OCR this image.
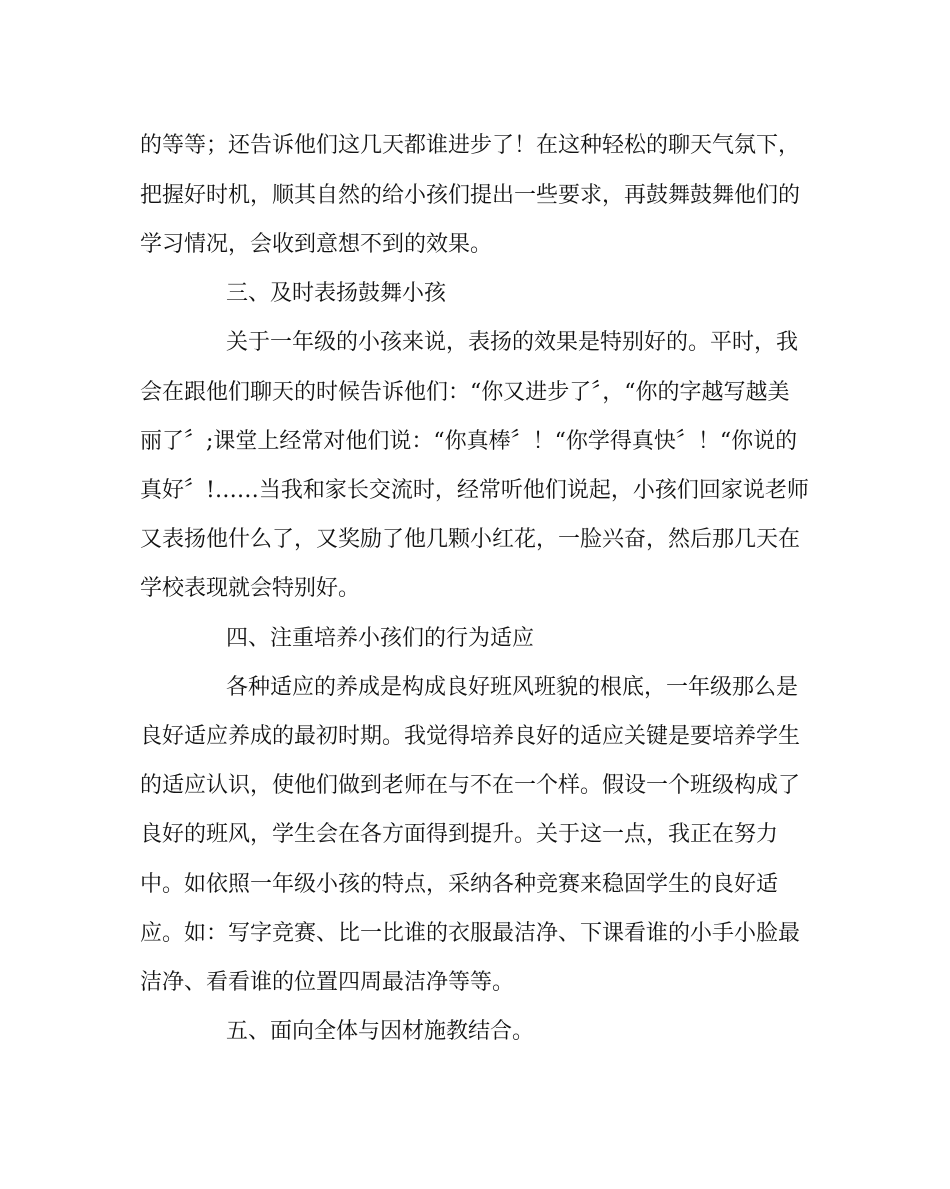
的等等；还告诉他们这几天都谁进步了！在这种轻松的聊天气氛下，
把握好时机，顺其自然的给小孩们提出一些要求，再鼓舞鼓舞他们的
学习情况，会收到意想不到的效果。
三、及时表扬鼓舞小孩
关于一年级的小孩来说，表扬的效果是特别好的。平时，我
会在跟他们聊天的时候告诉他们：“你又进步了〞，“你的字越写越美
丽了〞;课堂上经常对他们说：“你真棒〞！“你学得真快〞！“你说的
真好〞!……当我和家长交流时，经常听他们说起，小孩们回家说老师
又表扬他什么了，又奖励了他几颗小红花，一脸兴奋，然后那几天在
学校表现就会特别好。
四、注重培养小孩们的行为适应
各种适应的养成是构成良好班风班貌的根底，一年级那么是
良好适应养成的最初时期。我觉得培养良好的适应关键是要培养学生
的适应认识，使他们做到老师在与不在一个样。假设一个班级构成了
良好的班风，学生会在各方面得到提升。关于这一点，我正在努力
中。如依照一年级小孩的特点，采纳各种竞赛来稳固学生的良好适
应。如：写字竞赛、比一比谁的衣服最洁净、下课看谁的小手小脸最
洁净、看看谁的位置四周最洁净等等。
五、面向全体与因材施教结合。
